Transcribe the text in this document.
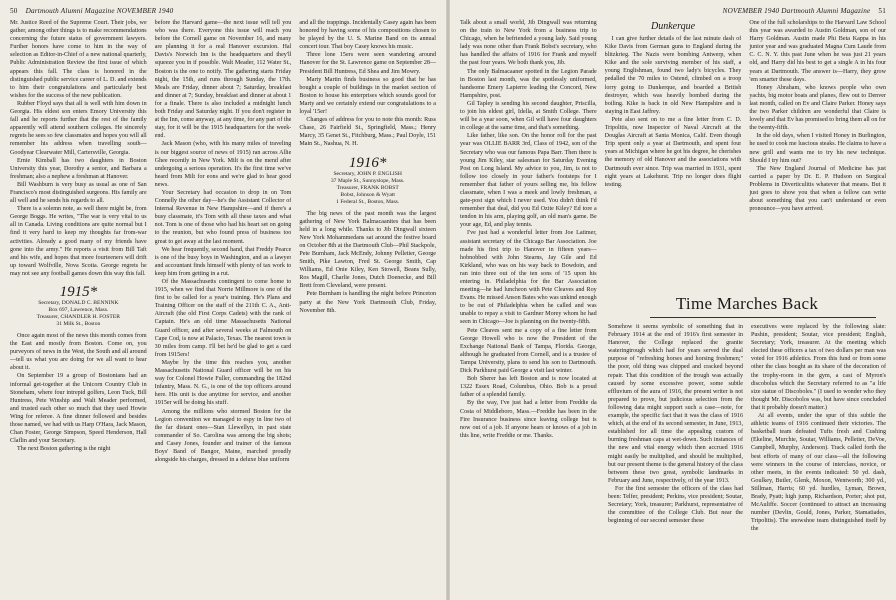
50 Dartmouth Alumni Magazine NOVEMBER 1940

Mr. Justice Reed of the Supreme Court. Their jobs, we gather, among other things is to make recommendations concerning the future status of government lawyers. Further honors have come to him in the way of selection as Editor-in-Chief of a new national quarterly, Public Administration Review the first issue of which appears this fall. The class is honored in the distinguished public service career of L. D. and extends to him their congratulations and particularly best wishes for the success of the new publication.

Rubber Floyd says that all is well with him down in Georgia. His eldest son enters Emory University this fall and he reports further that the rest of the family apparently will attend southern colleges. He sincerely regrets he sees so few classmates and hopes you will all remember his address when travelling south—Goodyear Clearwater Mill, Cartersville, Georgia.

Ernie Kimball has two daughters in Boston University this year, Dorothy a senior, and Barbara a freshman; also a nephew a freshman at Hanover.

Bill Washburn is very busy as usual as one of San Francisco's most distinguished surgeons. His family are all well and he sends his regards to all.

There is a solemn note, as well there might be, from George Boggs. He writes, "The war is very vital to us all in Canada. Living conditions are quite normal but I find it very hard to keep my thoughts far from-war activities. Already a good many of my friends have gone into the army." He reports a visit from Bill Taft and his wife, and hopes that more fourteeners will drift up toward Wolfville, Nova Scotia. George regrets he may not see any football games down this way this fall.

1915*
Secretary, DONALD C. BENNINK
Box 697, Lawrence, Mass.
Treasurer, CHANDLER H. FOSTER
31 Milk St., Boston

Once again most of the news this month comes from the East and mostly from Boston. Come on, you purveyors of news in the West, the South and all around—tell us what you are doing for we all want to hear about it.

On September 19 a group of Bostonians had an informal get-together at the Unicorn Country Club in Stoneham, where four intrepid golfers, Leon Tuck, Bill Huntress, Pete Winship and Walt Meader performed, and trusted each other so much that they used Howie Wing for referee. A fine dinner followed and besides those named, we had with us Harp O'Hara, Jack Mason, Chan Foster, George Simpson, Speed Henderson, Hall Claflin and your Secretary.

The next Boston gathering is the night

before the Harvard game—the next issue will tell you who was there. Everyone this issue will reach you before the Cornell game on November 16, and many are planning it for a real Hanover excursion. Hal Davis's Norwich Inn is the headquarters and they'll squeeze you in if possible. Walt Meader, 112 Water St., Boston is the one to notify. The gathering starts Friday night, the 15th, and runs through Sunday, the 17th. Meals are Friday, dinner about 7; Saturday, breakfast and dinner at 7; Sunday, breakfast and dinner at about 1 for a finale. There is also included a midnight lunch both Friday and Saturday night. If you don't register in at the Inn, come anyway, at any time, for any part of the stay, for it will be the 1915 headquarters for the week-end.

Jack Mason (who, with his many miles of traveling is our biggest source of news of 1915) ran across Allie Ghee recently in New York. Milt is on the mend after undergoing a serious operation. It's the first time we've heard from Milt for eons and we're glad to hear good news.

Your Secretary had occasion to drop in on Tom Connelly the other day—he's the Assistant Collector of Internal Revenue in New Hampshire—and if there's a busy classmate, it's Tom with all these taxes and what not. Tom is one of those who had his heart set on going to the reunion, but who found press of business too great to get away at the last moment.

We hear frequently, second hand, that Freddy Pearce is one of the busy boys in Washington, and as a lawyer and accountant finds himself with plenty of tax work to keep him from getting in a rut.

Of the Massachusetts contingent to come home to 1915, when we find that Norrie Millmore is one of the first to be called for a year's training. He's Plans and Training Officer on the staff of the 211th C. A., Anti-Aircraft (the old First Corps Cadets) with the rank of Captain. He's an old time Massachusetts National Guard officer, and after several weeks at Falmouth on Cape Cod, is now at Palacio, Texas. The nearest town is 30 miles from camp. I'll bet he'd be glad to get a card from 1915ers!

Maybe by the time this reaches you, another Massachusetts National Guard officer will be on his way for Colonel Howie Fuller, commanding the 182nd Infantry, Mass. N. G., is one of the top officers around here. His unit is due anytime for service, and another 1915er will be doing his stuff.

Among the millions who stormed Boston for the Legion convention we managed to espy in line two of the far distant ones—Stan Llewellyn, in past state commander of So. Carolina was among the big shots; and Casey Jones, founder and trainer of the famous Boys' Band of Bangor, Maine, marched proudly alongside his charges, dressed in a deluxe blue uniform

and all the trappings. Incidentally Casey again has been honored by having some of his compositions chosen to be played by the U. S. Marine Band on its annual concert tour. That boy Casey knows his music.

Three lone 15ers were seen wandering around Hanover for the St. Lawrence game on September 28—President Bill Huntress, Ed Shea and Jim Mowry.

Marty Martin finds business so good that he has bought a couple of buildings in the market section of Boston to house his enterprises which sounds good for Marty and we certainly extend our congratulations to a loyal '15er!

Changes of address for you to note this month: Russ Chase, 26 Fairfield St., Springfield, Mass.; Henry Marcy, 35 Genet St., Fitchburg, Mass.; Paul Doyle, 151 Main St., Nashua, N. H.

1916*
Secretary, JOHN P. ENGLISH
37 Maple St., Sunnyslope, Mass.
Treasurer, FRANK BOBST
Bobst, Johnson & Wyatt
1 Federal St., Boston, Mass.

The big news of the past month was the largest gathering of New York Balmacaanites that has been held in a long while. Thanks to Jib Dingwall sixteen New York Mohammedans sat around the festive board on October 8th at the Dartmouth Club—Phil Stackpole, Pete Burnham, Jack McEndy, Johnny Pelletier, George Smith, Pike Lawton, Fred St. George Smith, Cap Williams, Ed Onie Kiley, Ken Stowell, Beans Sully, Ros Magill, Charlie Jones, Dutch Doenecke, and Bill Brett from Cleveland, were present.

Pete Burnham is handling the night before Princeton party at the New York Dartmouth Club, Friday, November 8th.

NOVEMBER 1940 Dartmouth Alumni Magazine 51

Talk about a small world, Jib Dingwall was returning on the train to New York from a business trip to Chicago, when he befriended a young lady. Said young lady was none other than Frank Bobst's secretary, who has handled the affairs of 1916 for Frank and myself the past four years. We both thank you, Jib.

The only Balmacaaner spotted in the Legion Parade in Boston last month, was the spotlessly uniformed, handsome Emery Lapierre leading the Concord, New Hampshire, post.

Gil Tapley is sending his second daughter, Priscilla, to join his eldest girl, Idella, at Smith College. There will be a year soon, when Gil will have four daughters in college at the same time, and that's something.

Like father, like son. On the honor roll for the past year was OLLIE BARR 3rd, Class of 1942, son of the Secretary who was our famous Papa Barr. Then there is young Jim Kiley, star salesman for Saturday Evening Post on Long Island. My advice to you, Jim, is not to follow too closely in your father's footsteps for I remember that father of yours selling me, his fellow classmate, when I was a meek and lowly freshman, a gate-post sign which I never used. You didn't think I'd remember that deal, did you Ed Ozite Kiley? Ed tore a tendon in his arm, playing golf, an old man's game. Be your age, Ed, and play tennis.

I've just had a wonderful letter from Joe Latimer, assistant secretary of the Chicago Bar Association. Joe made his first trip to Hanover in fifteen years—hobnobbed with John Stearns, Jay Gile and Ed Kirkland, who was on his way back to Bowdoin, and ran into three out of the ten sons of '15 upon his entering in. Philadelphia for the Bar Association meeting—he had luncheon with Pete Cleaves and Roy Evans. He missed Anson Bates who was unkind enough to be out of Philadelphia when he called and was unable to repay a visit to Gardner Morey whom he had seen in Chicago—Joe is planning on the twenty-fifth.

Pete Cleaves sent me a copy of a fine letter from George Howell who is now the President of the Exchange National Bank of Tampa, Florida. George, although he graduated from Cornell, and is a trustee of Tampa University, plans to send his son to Dartmouth. Dick Parkhurst paid George a visit last winter.

Bob Sherer has left Boston and is now located at 1322 Essex Road, Columbus, Ohio. Bob is a proud father of a splendid family.

By the way, I've just had a letter from Freddie da Costa of Middleboro, Mass.—Freddie has been in the Fire Insurance business since leaving college but is now out of a job. If anyone hears or knows of a job in this line, write Freddie or me. Thanks.

Dunkerque

I can give further details of the last minute dash of Kike Davis from German guns to England during the blitzkrieg. The Nazis were bombing Antwerp, when Kike and the sole surviving member of his staff, a young Englishman, found two lady's bicycles. They pedalled the 70 miles to Ostend, climbed on a troop lorry going to Dunkerque, and boarded a British destroyer, which was heavily bombed during the boiling. Kike is back in old New Hampshire and is staying in East Jaffrey.

Pete also sent on to me a fine letter from C. D. Tripolitis, now Inspector of Naval Aircraft at the Douglas Aircraft at Santa Monica, Calif. Even though Trip spent only a year at Dartmouth, and spent four years at Michigan where he got his degree, he cherishes the memory of old Hanover and the associations with Dartmouth ever since. Trip was married in 1931, spent eight years at Lakehurst. Trip no longer does flight testing.

One of the full scholarships to the Harvard Law School this year was awarded to Austin Goldman, son of our Harry Goldman. Austin made Phi Beta Kappa in his junior year and was graduated Magna Cum Laude from C. C. N. Y. this past June when he was just 21 years old, and Harry did his best to get a single A in his four years at Dartmouth. The answer is—Harry, they grow 'em smarter these days.

Honey Abraham, who knows people who own yachts, big motor boats and planes, flew out to Denver last month, called on Ev and Claire Parker. Honey says the two Parker children are wonderful that Claire is lovely and that Ev has promised to bring them all on for the twenty-fifth.

In the old days, when I visited Honey in Burlington, he used to cook me luscious steaks. He claims to have a new grill and wants me to try his new technique. Should I try him out?

The New England Journal of Medicine has just carried a paper by Dr. E. P. Hudson on Surgical Problems in Diverticulitis whatever that means. But it just goes to show you that when a fellow can write about something that you can't understand or even pronounce—you have arrived.

Time Marches Back

Somehow it seems symbolic of something that in February 1914 at the end of 1916's first semester in Hanover, the College replaced the granite wateringtrough which had for years served the dual purpose of "refreshing horses and horsing freshmen;" the poor, old thing was chipped and cracked beyond repair. That this condition of the trough was actually caused by some excessive power, some subtle effluvium of the aura of 1916, the present writer is not prepared to prove, but judicious selection from the following data might support such a case—note, for example, the specific fact that it was the class of 1916 which, at the end of its second semester, in June, 1913, established for all time the appealing custom of burning freshman caps at wet-down. Such instances of the new and vital energy which then accrued 1916 might easily be multiplied, and should be multiplied, but our present theme is the general history of the class between these two great, symbolic landmarks in February and June, respectively, of the year 1913.

For the first semester the officers of the class had been: Telfer, president; Perkins, vice president; Soutar, Secretary; York, treasurer; Parkhurst, representative of the committee of the College Club. But near the beginning of our second semester these

executives were replaced by the following slate: Pushin, president; Soutar, vice president; English, Secretary; York, treasurer. At the meeting which elected these officers a tax of two dollars per man was voted for 1916 athletics. From this fund or from some other the class bought as its share of the decoration of the trophy-room in the gym, a cast of Myron's discobolus which the Secretary referred to as "a life size statue of Discoboles." (I used to wonder who they thought Mr. Discobolos was, but have since concluded that it probably doesn't matter.)

At all events, under the spur of this subtle the athletic teams of 1916 continued their victories. The basketball team defeated Tufts fresh and Cushing (Ekeline, Murchie, Soutar, Williams, Pelletier, DeVoe, Campbell, Murphy, Anderson). Track called forth the best efforts of many of our class—all the following were winners in the course of interclass, novice, or other meets, in the events indicated: 50 yd. dash, Goulkey, Butler, Glenk, Moxon, Wentworth; 300 yd., Stillman, Harris; 60 yd. hurdles, Lyman, Brown, Brady, Pyatt; high jump, Richardson, Porter; shot put, McAuliffe. Soccer (continued to attract an increasing number (Devlin, Gould, Jones, Parker, Stamatiades, Tripolitis). The snowshoe team distinguished itself by the
